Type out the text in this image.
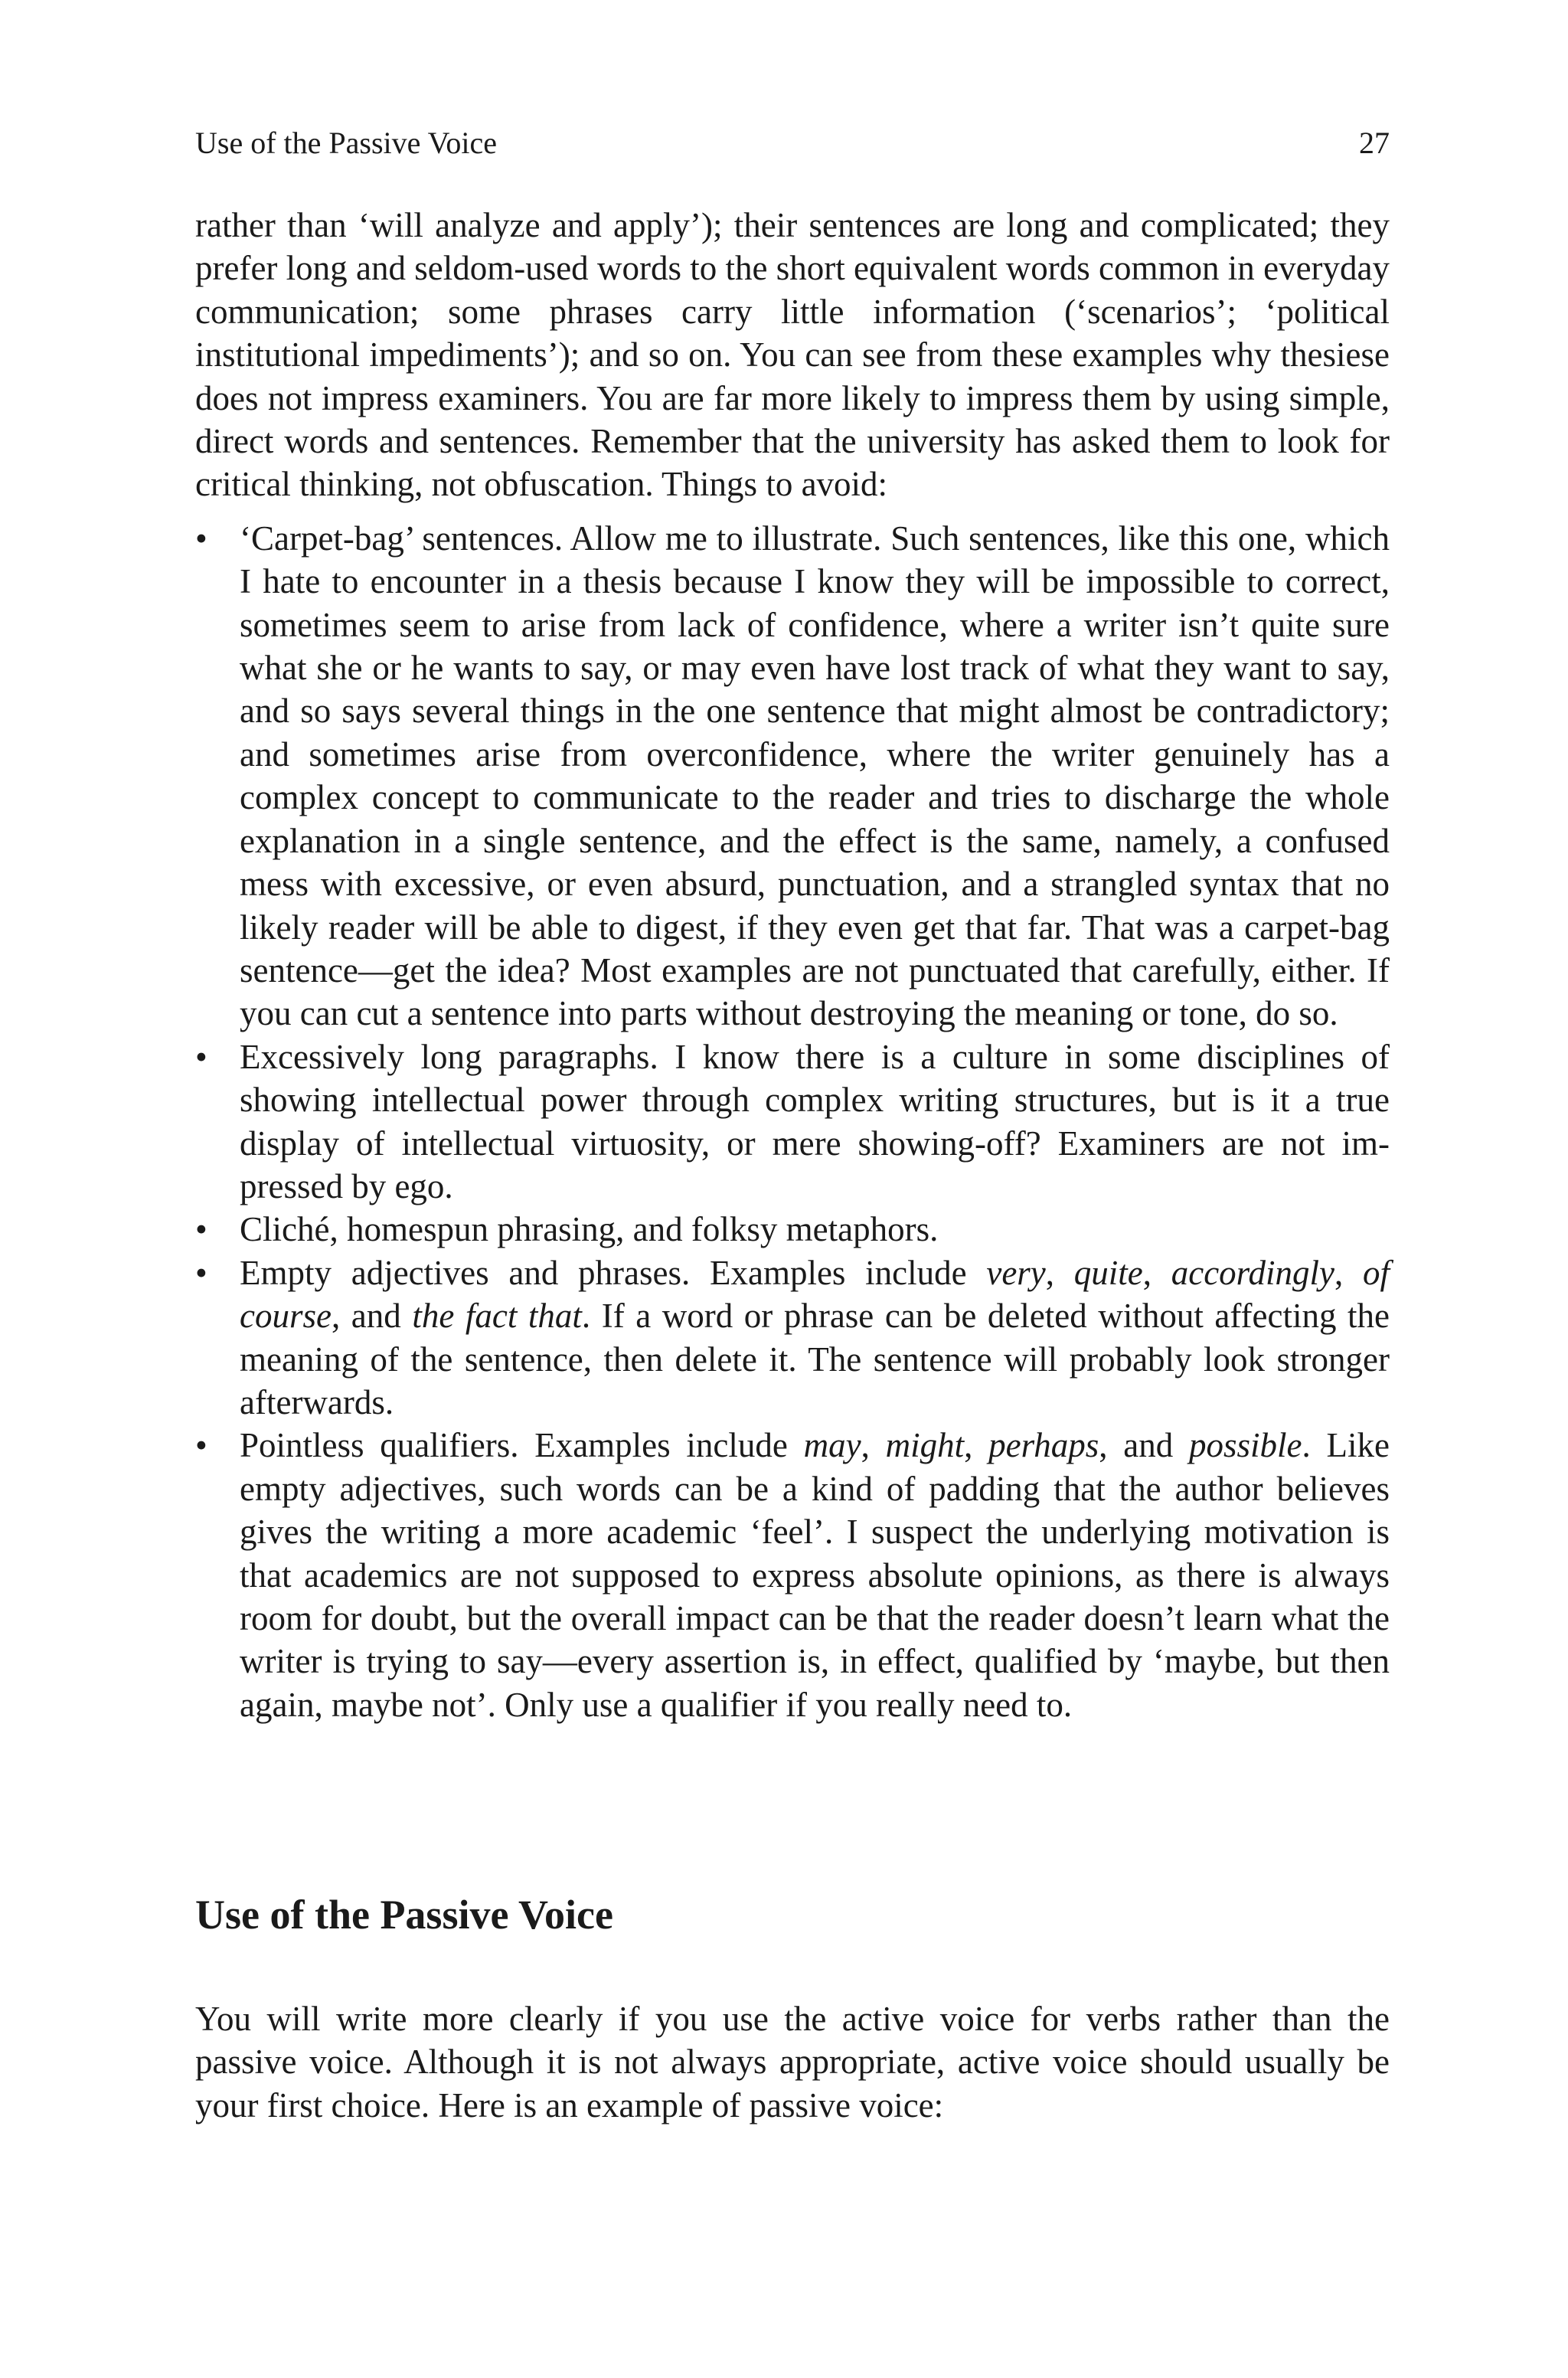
Use of the Passive Voice	27

rather than ‘will analyze and apply’); their sentences are long and complicated; they prefer long and seldom-used words to the short equivalent words common in everyday communication; some phrases carry little information (‘scenarios’; ‘political institutional impediments’); and so on. You can see from these examples why thesiese does not impress examiners. You are far more likely to impress them by using simple, direct words and sentences. Remember that the university has asked them to look for critical thinking, not obfuscation. Things to avoid:

• ‘Carpet-bag’ sentences. Allow me to illustrate. Such sentences, like this one, which I hate to encounter in a thesis because I know they will be impossible to correct, sometimes seem to arise from lack of confidence, where a writer isn’t quite sure what she or he wants to say, or may even have lost track of what they want to say, and so says several things in the one sentence that might almost be contradictory; and sometimes arise from overconfidence, where the writer genuinely has a complex concept to communicate to the reader and tries to discharge the whole explanation in a single sentence, and the effect is the same, namely, a confused mess with excessive, or even absurd, punctuation, and a strangled syntax that no likely reader will be able to digest, if they even get that far. That was a carpet-bag sentence—get the idea? Most examples are not punctuated that carefully, either. If you can cut a sentence into parts without destroying the meaning or tone, do so.
• Excessively long paragraphs. I know there is a culture in some disciplines of showing intellectual power through complex writing structures, but is it a true display of intellectual virtuosity, or mere showing-off? Examiners are not impressed by ego.
• Cliché, homespun phrasing, and folksy metaphors.
• Empty adjectives and phrases. Examples include very, quite, accordingly, of course, and the fact that. If a word or phrase can be deleted without affecting the meaning of the sentence, then delete it. The sentence will probably look stronger afterwards.
• Pointless qualifiers. Examples include may, might, perhaps, and possible. Like empty adjectives, such words can be a kind of padding that the author believes gives the writing a more academic ‘feel’. I suspect the underlying motivation is that academics are not supposed to express absolute opinions, as there is always room for doubt, but the overall impact can be that the reader doesn’t learn what the writer is trying to say—every assertion is, in effect, qualified by ‘maybe, but then again, maybe not’. Only use a qualifier if you really need to.
Use of the Passive Voice

You will write more clearly if you use the active voice for verbs rather than the passive voice. Although it is not always appropriate, active voice should usually be your first choice. Here is an example of passive voice:
